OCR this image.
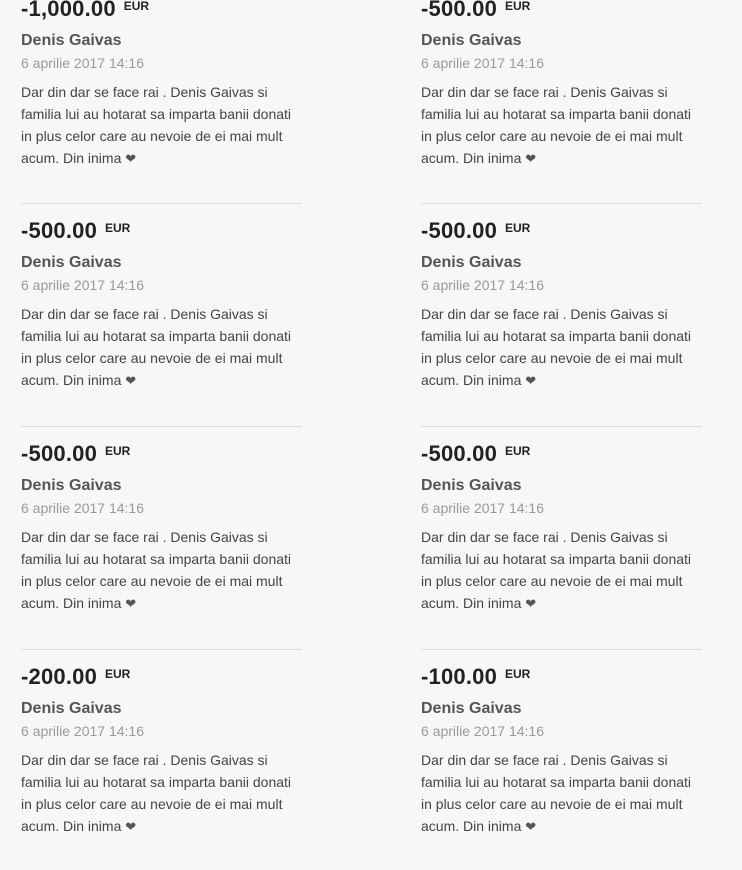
-1,000.00 EUR
Denis Gaivas
6 aprilie 2017 14:16
Dar din dar se face rai . Denis Gaivas si familia lui au hotarat sa imparta banii donati in plus celor care au nevoie de ei mai mult acum. Din inima ❤
-500.00 EUR
Denis Gaivas
6 aprilie 2017 14:16
Dar din dar se face rai . Denis Gaivas si familia lui au hotarat sa imparta banii donati in plus celor care au nevoie de ei mai mult acum. Din inima ❤
-500.00 EUR
Denis Gaivas
6 aprilie 2017 14:16
Dar din dar se face rai . Denis Gaivas si familia lui au hotarat sa imparta banii donati in plus celor care au nevoie de ei mai mult acum. Din inima ❤
-500.00 EUR
Denis Gaivas
6 aprilie 2017 14:16
Dar din dar se face rai . Denis Gaivas si familia lui au hotarat sa imparta banii donati in plus celor care au nevoie de ei mai mult acum. Din inima ❤
-500.00 EUR
Denis Gaivas
6 aprilie 2017 14:16
Dar din dar se face rai . Denis Gaivas si familia lui au hotarat sa imparta banii donati in plus celor care au nevoie de ei mai mult acum. Din inima ❤
-500.00 EUR
Denis Gaivas
6 aprilie 2017 14:16
Dar din dar se face rai . Denis Gaivas si familia lui au hotarat sa imparta banii donati in plus celor care au nevoie de ei mai mult acum. Din inima ❤
-200.00 EUR
Denis Gaivas
6 aprilie 2017 14:16
Dar din dar se face rai . Denis Gaivas si familia lui au hotarat sa imparta banii donati in plus celor care au nevoie de ei mai mult acum. Din inima ❤
-100.00 EUR
Denis Gaivas
6 aprilie 2017 14:16
Dar din dar se face rai . Denis Gaivas si familia lui au hotarat sa imparta banii donati in plus celor care au nevoie de ei mai mult acum. Din inima ❤
